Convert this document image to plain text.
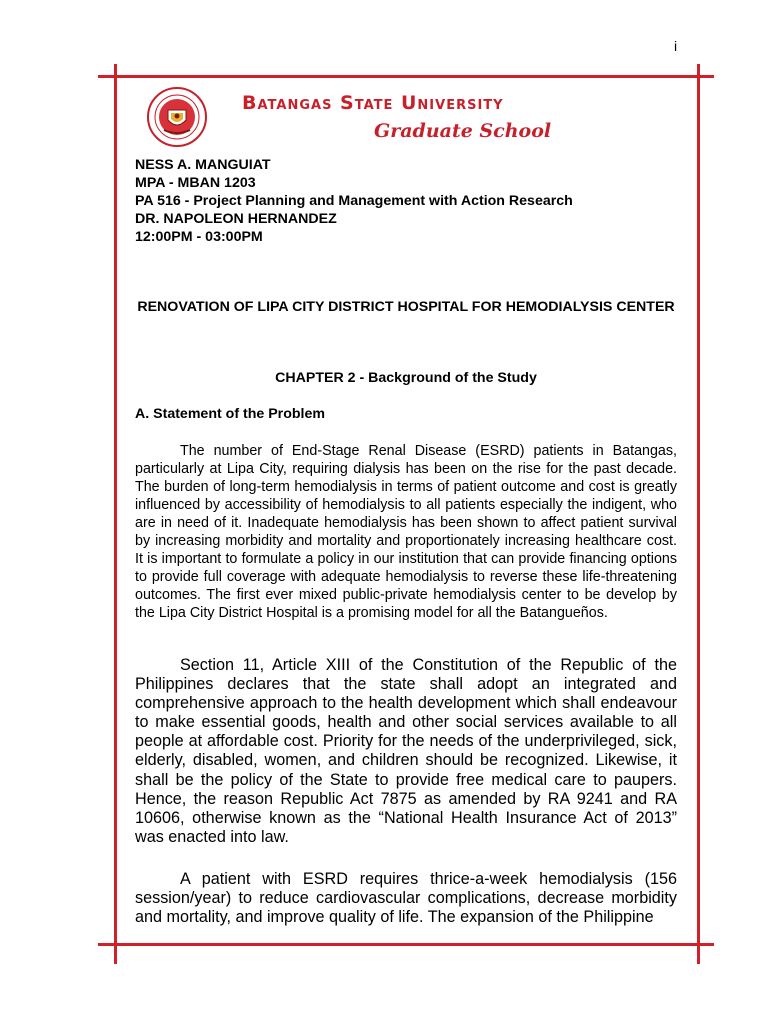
i
Batangas State University
Graduate School

NESS A. MANGUIAT

MPA - MBAN 1203

PA 516 - Project Planning and Management with Action Research

DR. NAPOLEON HERNANDEZ

12:00PM - 03:00PM

RENOVATION OF LIPA CITY DISTRICT HOSPITAL FOR HEMODIALYSIS CENTER

CHAPTER 2 - Background of the Study

A. Statement of the Problem

The number of End-Stage Renal Disease (ESRD) patients in Batangas, particularly at Lipa City, requiring dialysis has been on the rise for the past decade. The burden of long-term hemodialysis in terms of patient outcome and cost is greatly influenced by accessibility of hemodialysis to all patients especially the indigent, who are in need of it. Inadequate hemodialysis has been shown to affect patient survival by increasing morbidity and mortality and proportionately increasing healthcare cost. It is important to formulate a policy in our institution that can provide financing options to provide full coverage with adequate hemodialysis to reverse these life-threatening outcomes. The first ever mixed public-private hemodialysis center to be develop by the Lipa City District Hospital is a promising model for all the Batangueños.

Section 11, Article XIII of the Constitution of the Republic of the Philippines declares that the state shall adopt an integrated and comprehensive approach to the health development which shall endeavour to make essential goods, health and other social services available to all people at affordable cost. Priority for the needs of the underprivileged, sick, elderly, disabled, women, and children should be recognized. Likewise, it shall be the policy of the State to provide free medical care to paupers. Hence, the reason Republic Act 7875 as amended by RA 9241 and RA 10606, otherwise known as the “National Health Insurance Act of 2013” was enacted into law.

A patient with ESRD requires thrice-a-week hemodialysis (156 session/year) to reduce cardiovascular complications, decrease morbidity and mortality, and improve quality of life. The expansion of the Philippine
